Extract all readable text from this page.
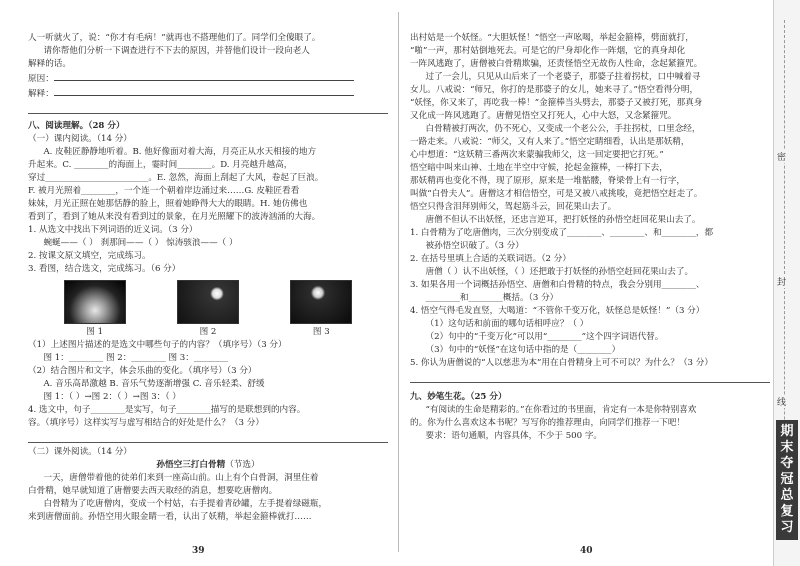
人一听就火了，说：“你才有毛病！”就再也不搭理他们了。同学们全傻眼了。
请你帮他们分析一下调查进行不下去的原因，并替他们设计一段向老人
解释的话。
原因：
解释：
八、阅读理解。（28 分）
（一）课内阅读。（14 分）
A. 皮鞋匠静静地听着。B. 他好像面对着大海，月亮正从水天相接的地方
升起来。C. ________的海面上，霎时间________。D. 月亮越升越高，
穿过________________________。E. 忽然，海面上刮起了大风，卷起了巨浪。
F. 被月光照着________，一个连一个朝着岸边涌过来……G. 皮鞋匠看看
妹妹，月光正照在她那恬静的脸上，照着她睁得大大的眼睛。H. 她仿佛也
看到了，看到了她从来没有看到过的景象，在月光照耀下的波涛汹涌的大海。
1. 从选文中找出下列词语的近义词。（3 分）
蜿蜒——（ ） 刹那间——（ ） 惊涛骇浪——（ ）
2. 按课文原文填空，完成练习。
3. 看图，结合选文，完成练习。（6 分）
图 1	图 2	图 3
（1）上述图片描述的是选文中哪些句子的内容？（填序号）（3 分）
图 1：________ 图 2：________ 图 3：________
（2）结合图片和文字，体会乐曲的变化。（填序号）（3 分）
A. 音乐高昂激越 B. 音乐气势逐渐增强 C. 音乐轻柔、舒缓
图 1：（ ）→图 2：（ ）→图 3：（ ）
4. 选文中，句子________是实写，句子________描写的是联想到的内容。
容。（填序号）这样实写与虚写相结合的好处是什么？（3 分）
（二）课外阅读。（14 分）
孙悟空三打白骨精（节选）
一天，唐僧带着他的徒弟们来到一座高山前。山上有个白骨洞，洞里住着
白骨精，她早就知道了唐僧要去西天取经的消息，想要吃唐僧肉。
白骨精为了吃唐僧肉，变成一个村姑，右手提着青砂罐，左手提着绿磁瓶，
来到唐僧面前。孙悟空用火眼金睛一看，认出了妖精，举起金箍棒就打……
39
出村姑是一个妖怪。“大胆妖怪！”悟空一声吆喝，举起金箍棒，劈面就打，
“啪”一声，那村姑倒地死去。可是它的尸身却化作一阵烟，它的真身却化
一阵风逃跑了，唐僧被白骨精欺骗，还责怪悟空无故伤人性命，念起紧箍咒。
过了一会儿，只见从山后来了一个老婆子，那婆子拄着拐杖，口中喊着寻
女儿。八戒说：“师兄，你打的是那婆子的女儿，她来寻了。”悟空看得分明，
“妖怪，你又来了，再吃我一棒！”金箍棒当头劈去，那婆子又被打死，那真身
又化成一阵风逃跑了。唐僧见悟空又打死人，心中大怒，又念紧箍咒。
白骨精被打两次，仍不死心，又变成一个老公公，手拄拐杖，口里念经，
一路走来。八戒说：“师父，又有人来了。”悟空定睛细看，认出是那妖精，
心中想道：“这妖精三番两次来蒙骗我师父，这一回定要把它打死。”
悟空暗中叫来山神、土地在半空中守候，抡起金箍棒，一棒打下去，
那妖精再也变化不得，现了原形，原来是一堆骷髅，脊梁骨上有一行字，
叫做“白骨夫人”。唐僧这才相信悟空，可是又被八戒挑唆，竟把悟空赶走了。
悟空只得含泪拜别师父，驾起筋斗云，回花果山去了。
唐僧不但认不出妖怪，还忠言逆耳，把打妖怪的孙悟空赶回花果山去了。
1. 白骨精为了吃唐僧肉，三次分别变成了________、________、和________，都
被孙悟空识破了。（3 分）
2. 在括号里填上合适的关联词语。（2 分）
唐僧（ ）认不出妖怪，（ ）还把敢于打妖怪的孙悟空赶回花果山去了。
3. 如果各用一个词概括孙悟空、唐僧和白骨精的特点，我会分别用________、
________和________概括。（3 分）
4. 悟空气得毛发直竖，大喝道：“不管你千变万化，妖怪总是妖怪！”（3 分）
（1）这句话和前面的哪句话相呼应？（ ）
（2）句中的“千变万化”可以用“________”这个四字词语代替。
（3）句中的“妖怪”在这句话中指的是（________）
5. 你认为唐僧说的“人以慈悲为本”用在白骨精身上可不可以？为什么？（3 分）
九、妙笔生花。（25 分）
“有阅读的生命是精彩的。”在你看过的书里面，肯定有一本是你特别喜欢
的。你为什么喜欢这本书呢？写写你的推荐理由，向同学们推荐一下吧！
要求：语句通顺，内容具体，不少于 500 字。
40
密
封
线
期末夺冠总复习
